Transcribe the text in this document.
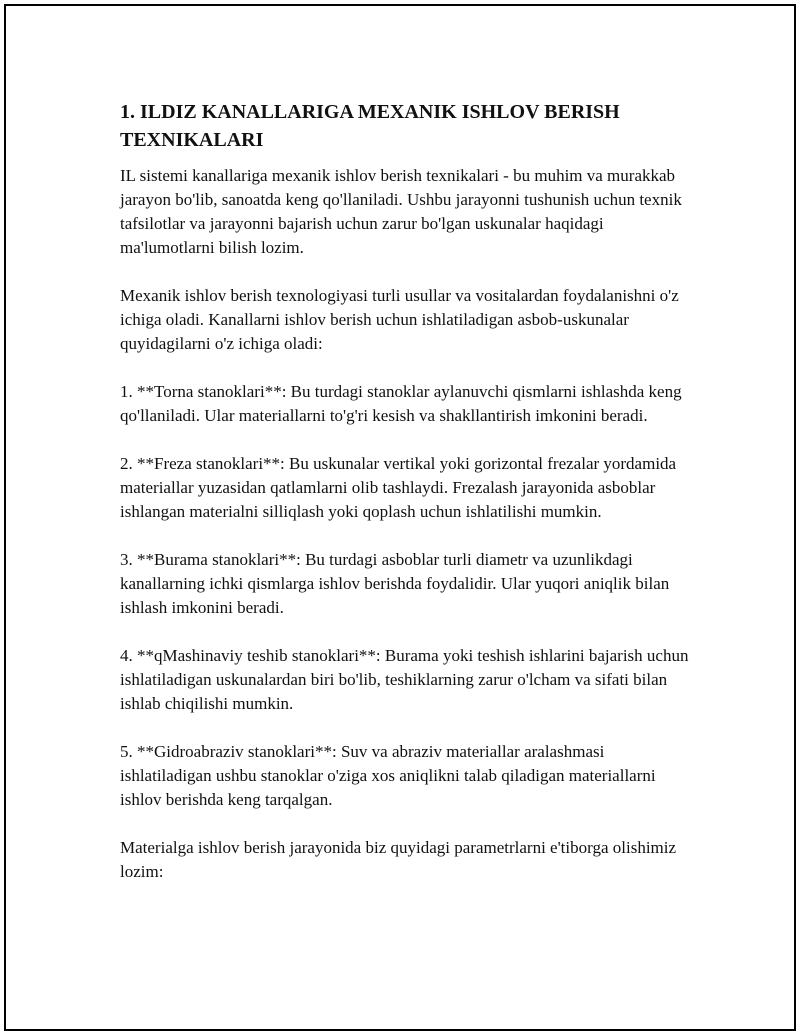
1. ILDIZ KANALLARIGA MEXANIK ISHLOV BERISH TEXNIKALARI

IL sistemi kanallariga mexanik ishlov berish texnikalari - bu muhim va murakkab jarayon bo'lib, sanoatda keng qo'llaniladi. Ushbu jarayonni tushunish uchun texnik tafsilotlar va jarayonni bajarish uchun zarur bo'lgan uskunalar haqidagi ma'lumotlarni bilish lozim.

Mexanik ishlov berish texnologiyasi turli usullar va vositalardan foydalanishni o'z ichiga oladi. Kanallarni ishlov berish uchun ishlatiladigan asbob-uskunalar quyidagilarni o'z ichiga oladi:

1. **Torna stanoklari**: Bu turdagi stanoklar aylanuvchi qismlarni ishlashda keng qo'llaniladi. Ular materiallarni to'g'ri kesish va shakllantirish imkonini beradi.

2. **Freza stanoklari**: Bu uskunalar vertikal yoki gorizontal frezalar yordamida materiallar yuzasidan qatlamlarni olib tashlaydi. Frezalash jarayonida asboblar ishlangan materialni silliqlash yoki qoplash uchun ishlatilishi mumkin.

3. **Burama stanoklari**: Bu turdagi asboblar turli diametr va uzunlikdagi kanallarning ichki qismlarga ishlov berishda foydalidir. Ular yuqori aniqlik bilan ishlash imkonini beradi.

4. **qMashinaviy teshib stanoklari**: Burama yoki teshish ishlarini bajarish uchun ishlatiladigan uskunalardan biri bo'lib, teshiklarning zarur o'lcham va sifati bilan ishlab chiqilishi mumkin.

5. **Gidroabraziv stanoklari**: Suv va abraziv materiallar aralashmasi ishlatiladigan ushbu stanoklar o'ziga xos aniqlikni talab qiladigan materiallarni ishlov berishda keng tarqalgan.

Materialga ishlov berish jarayonida biz quyidagi parametrlarni e'tiborga olishimiz lozim:
